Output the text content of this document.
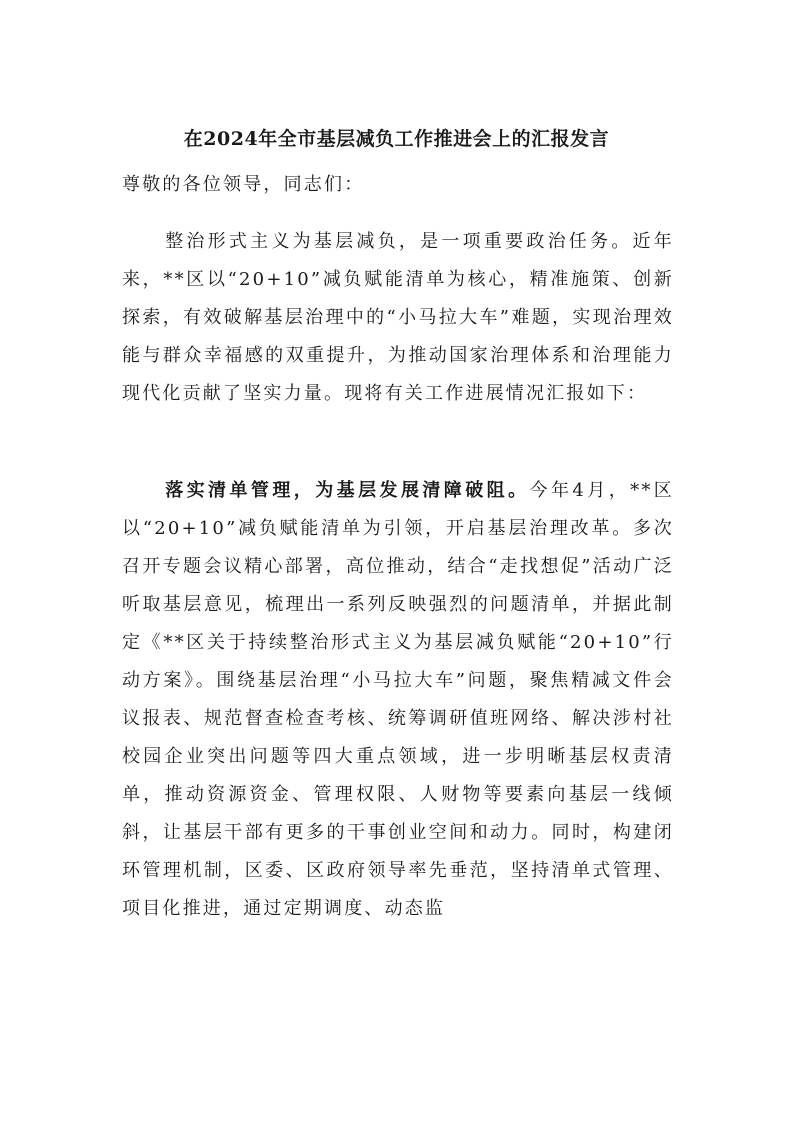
在2024年全市基层减负工作推进会上的汇报发言
尊敬的各位领导，同志们：
整治形式主义为基层减负，是一项重要政治任务。近年来，**区以“20+10”减负赋能清单为核心，精准施策、创新探索，有效破解基层治理中的“小马拉大车”难题，实现治理效能与群众幸福感的双重提升，为推动国家治理体系和治理能力现代化贡献了坚实力量。现将有关工作进展情况汇报如下：
落实清单管理，为基层发展清障破阻。今年4月，**区以“20+10”减负赋能清单为引领，开启基层治理改革。多次召开专题会议精心部署，高位推动，结合“走找想促”活动广泛听取基层意见，梳理出一系列反映强烈的问题清单，并据此制定《**区关于持续整治形式主义为基层减负赋能“20+10”行动方案》。围绕基层治理“小马拉大车”问题，聚焦精减文件会议报表、规范督查检查考核、统筹调研值班网络、解决涉村社校园企业突出问题等四大重点领域，进一步明晰基层权责清单，推动资源资金、管理权限、人财物等要素向基层一线倾斜，让基层干部有更多的干事创业空间和动力。同时，构建闭环管理机制，区委、区政府领导率先垂范，坚持清单式管理、项目化推进，通过定期调度、动态监
